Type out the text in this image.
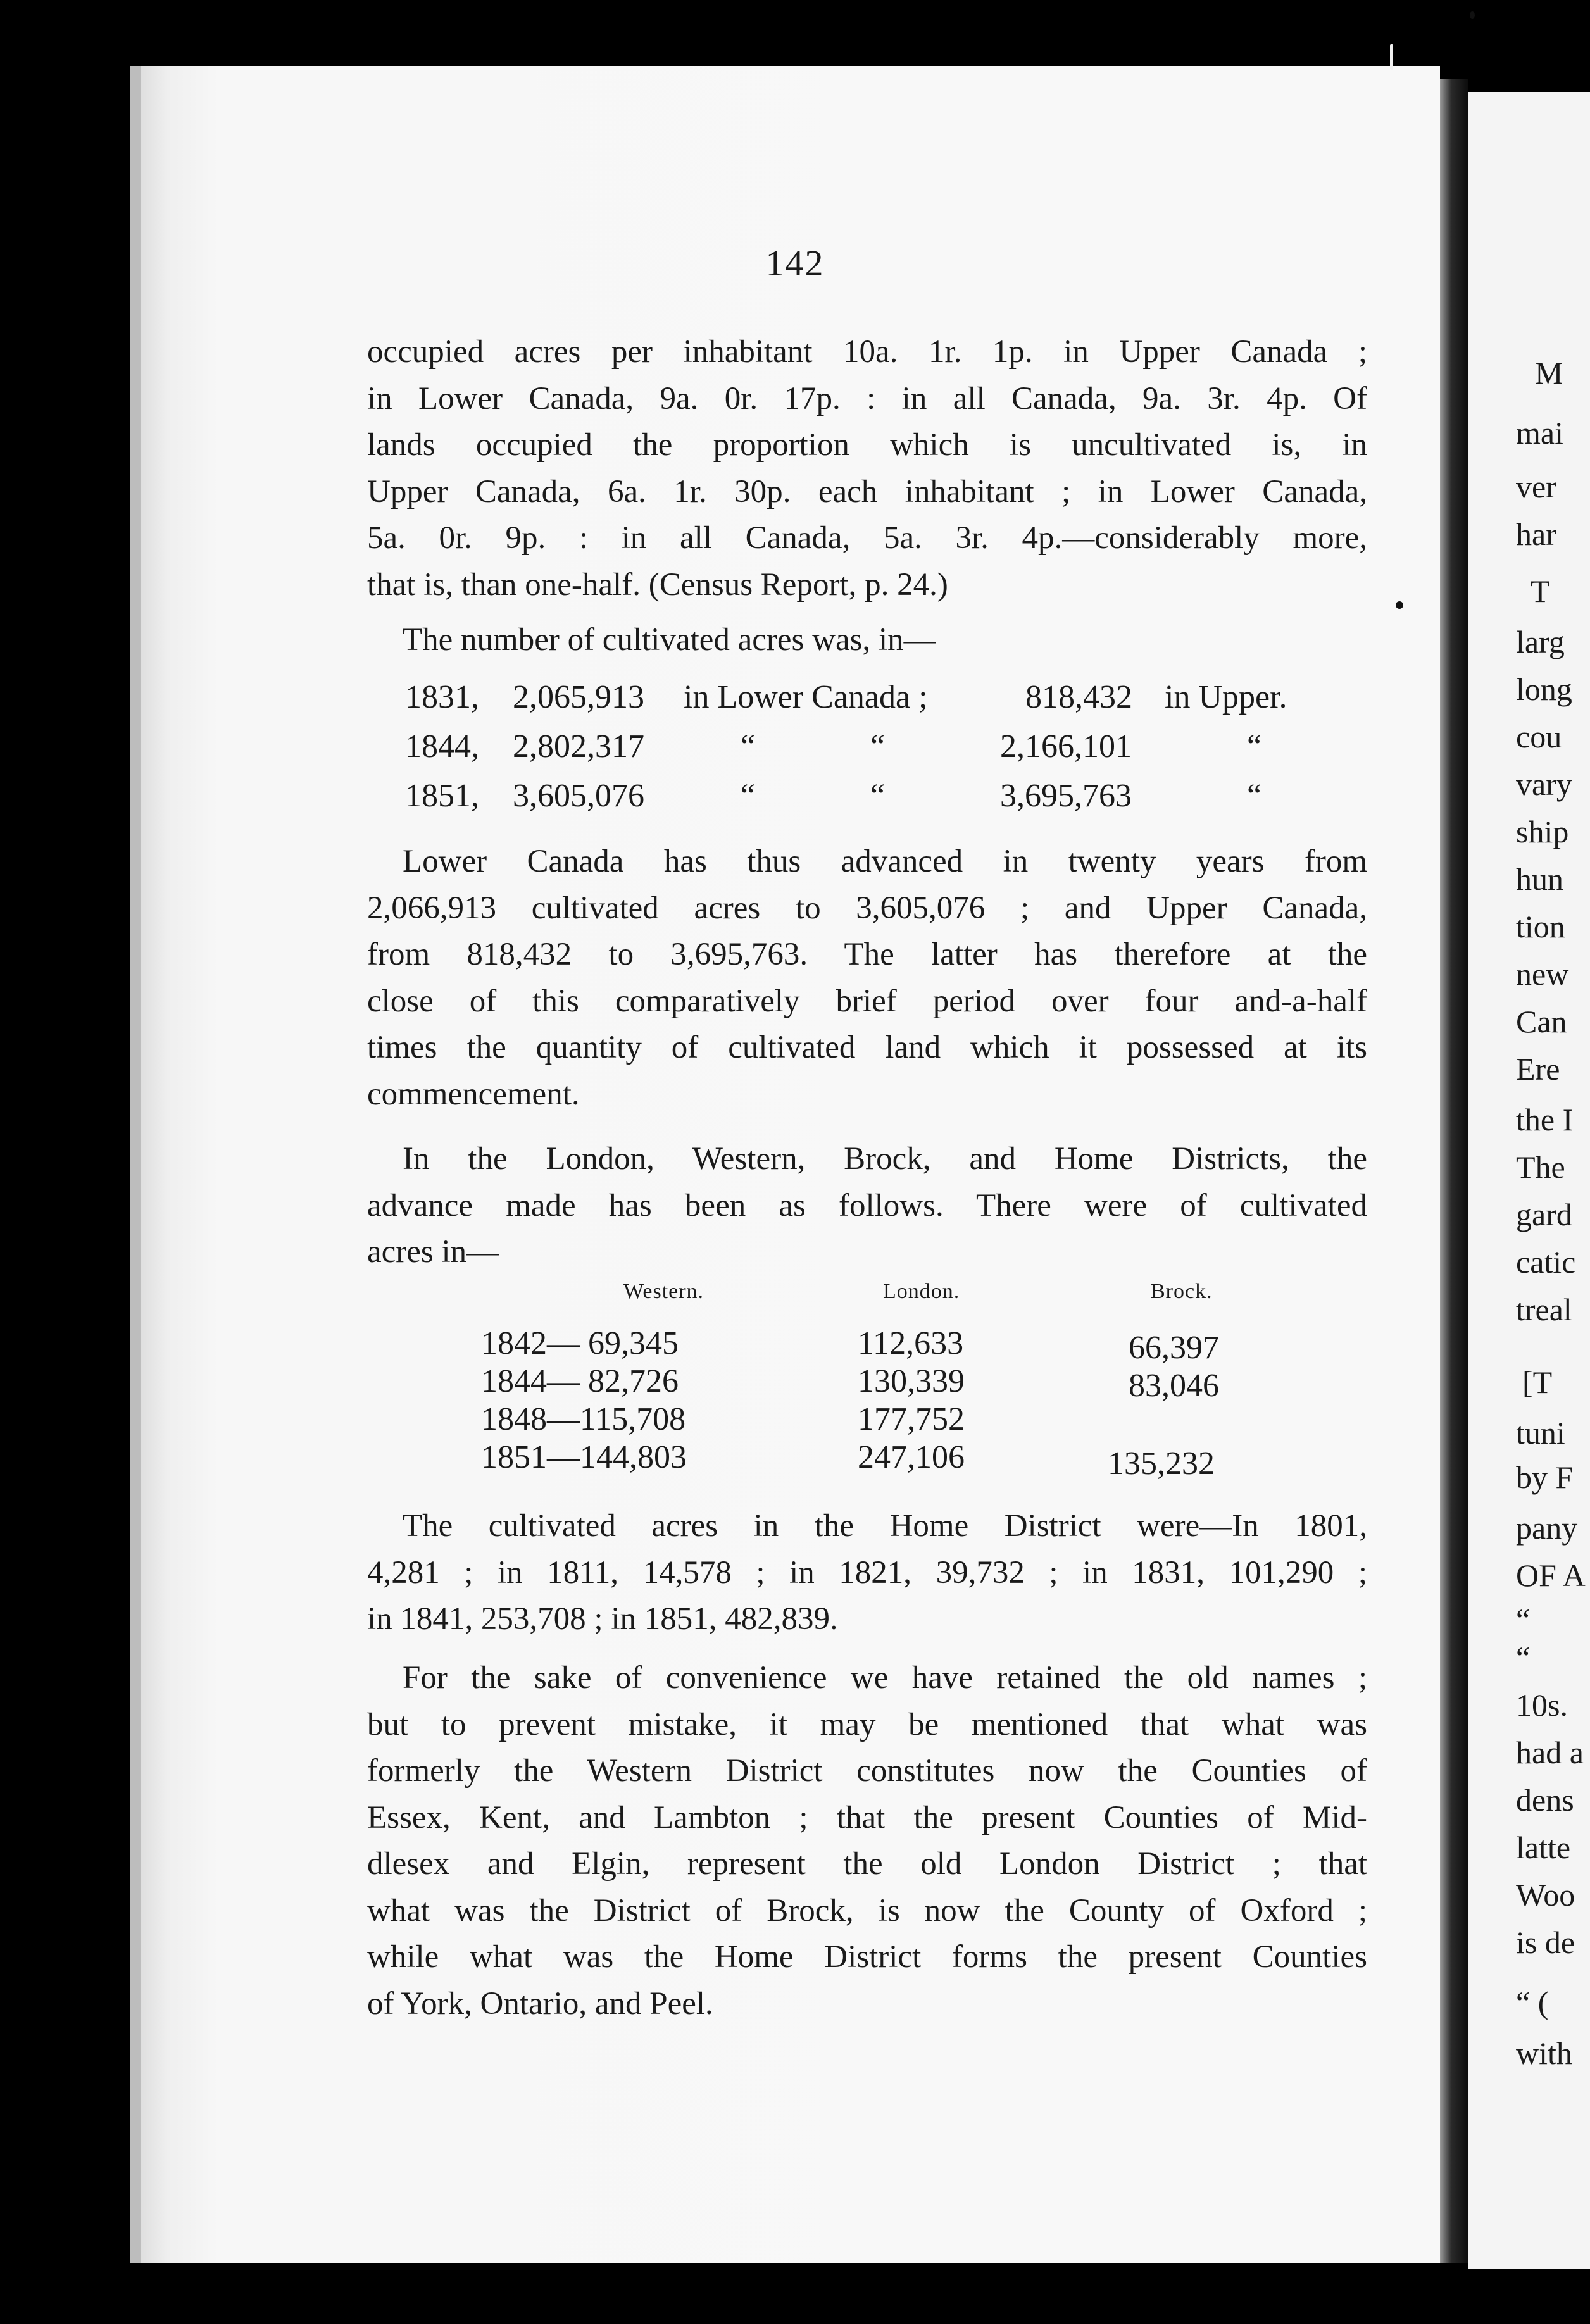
142
occupied acres per inhabitant 10a. 1r. 1p. in Upper Canada ;
in Lower Canada, 9a. 0r. 17p. : in all Canada, 9a. 3r. 4p. Of
lands occupied the proportion which is uncultivated is, in
Upper Canada, 6a. 1r. 30p. each inhabitant ; in Lower Canada,
5a. 0r. 9p. : in all Canada, 5a. 3r. 4p.—considerably more,
that is, than one-half. (Census Report, p. 24.)
The number of cultivated acres was, in—
1831, 2,065,913 in Lower Canada ;	818,432 in Upper.
1844, 2,802,317	“	“	2,166,101	“
1851, 3,605,076	“	“	3,695,763	“
Lower Canada has thus advanced in twenty years from
2,066,913 cultivated acres to 3,605,076 ; and Upper Canada,
from 818,432 to 3,695,763. The latter has therefore at the
close of this comparatively brief period over four and-a-half
times the quantity of cultivated land which it possessed at its
commencement.
In the London, Western, Brock, and Home Districts, the
advance made has been as follows. There were of cultivated
acres in—
Western.	London.	Brock.
1842— 69,345	112,633	66,397
1844— 82,726	130,339	83,046
1848—115,708	177,752
1851—144,803	247,106	135,232
The cultivated acres in the Home District were—In 1801,
4,281 ; in 1811, 14,578 ; in 1821, 39,732 ; in 1831, 101,290 ;
in 1841, 253,708 ; in 1851, 482,839.
For the sake of convenience we have retained the old names ;
but to prevent mistake, it may be mentioned that what was
formerly the Western District constitutes now the Counties of
Essex, Kent, and Lambton ; that the present Counties of Mid-
dlesex and Elgin, represent the old London District ; that
what was the District of Brock, is now the County of Oxford ;
while what was the Home District forms the present Counties
of York, Ontario, and Peel.
M
mai
ver
har
T
larg
long
cou
vary
ship
hun
tion
new
Can
Ere
the I
The
gard
catic
treal
[T
tuni
by F
pany
OF A
“
“
10s.
had a
dens
latte
Woo
is de
“ (
with
